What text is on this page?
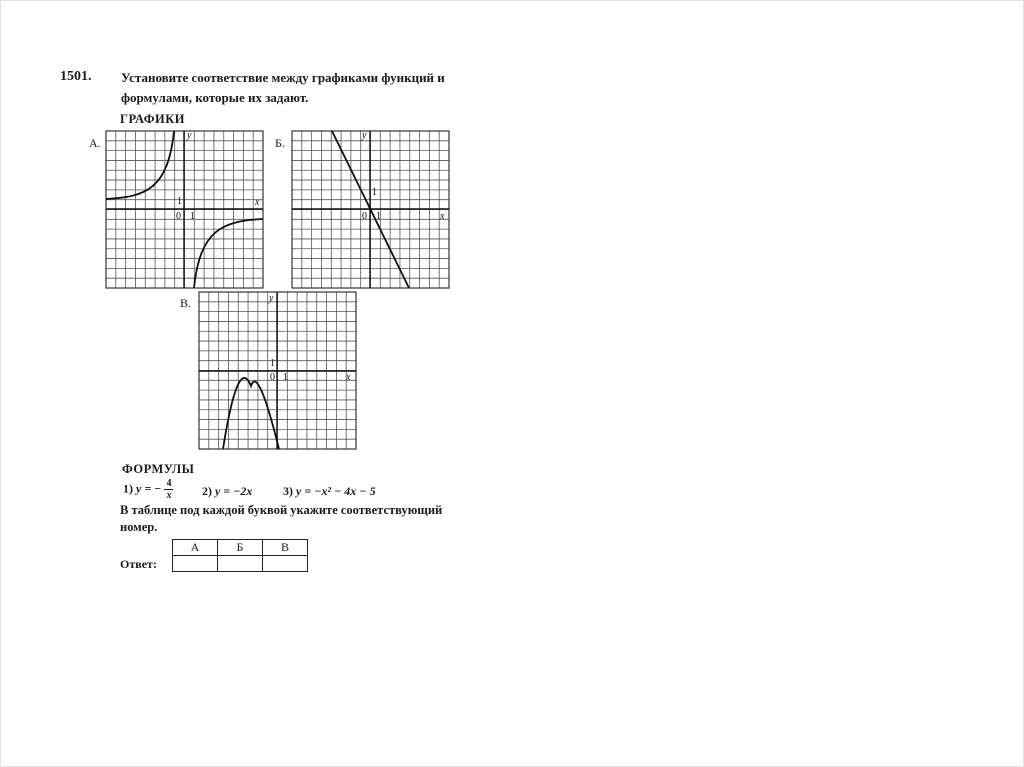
1501. Установите соответствие между графиками функций и
формулами, которые их задают.
ГРАФИКИ
А.	Б.
В.
y
x
0 1
1
y
x
0 1
1
y
x
0 1
1
ФОРМУЛЫ
1) y = − $\frac{4}{x} 2$) y = −2x	3) y = −x² − 4x − 5
В таблице под каждой буквой укажите соответствующий
номер.
Ответ:
А	Б	В
